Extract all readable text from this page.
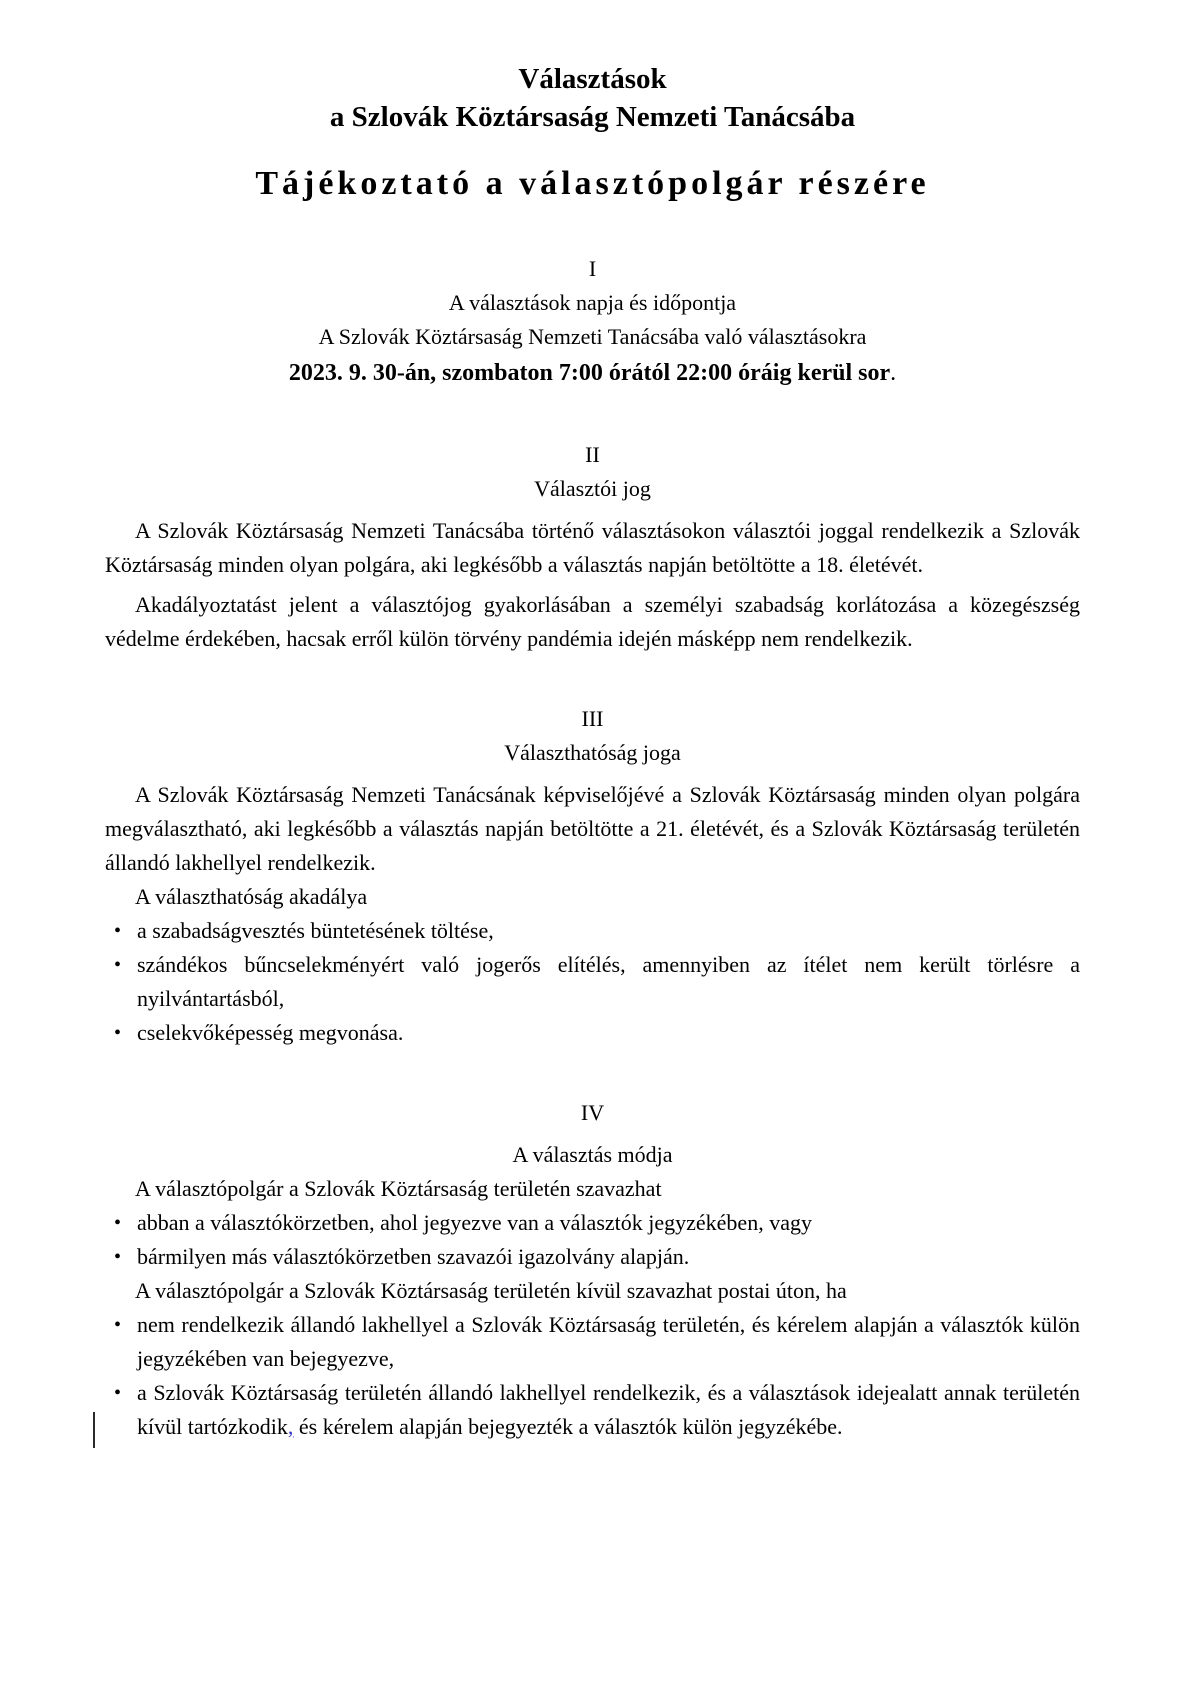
Választások
a Szlovák Köztársaság Nemzeti Tanácsába
Tájékoztató a választópolgár részére
I
A választások napja és időpontja
A Szlovák Köztársaság Nemzeti Tanácsába való választásokra
2023. 9. 30-án, szombaton 7:00 órától 22:00 óráig kerül sor.
II
Választói jog

A Szlovák Köztársaság Nemzeti Tanácsába történő választásokon választói joggal rendelkezik a Szlovák Köztársaság minden olyan polgára, aki legkésőbb a választás napján betöltötte a 18. életévét.

Akadályoztatást jelent a választójog gyakorlásában a személyi szabadság korlátozása a közegészség védelme érdekében, hacsak erről külön törvény pandémia idején másképp nem rendelkezik.

III
Választhatóság joga

A Szlovák Köztársaság Nemzeti Tanácsának képviselőjévé a Szlovák Köztársaság minden olyan polgára megválasztható, aki legkésőbb a választás napján betöltötte a 21. életévét, és a Szlovák Köztársaság területén állandó lakhellyel rendelkezik.

A választhatóság akadálya

• a szabadságvesztés büntetésének töltése,
• szándékos bűncselekményért való jogerős elítélés, amennyiben az ítélet nem került törlésre a nyilvántartásból,
• cselekvőképesség megvonása.
IV
A választás módja

A választópolgár a Szlovák Köztársaság területén szavazhat

• abban a választókörzetben, ahol jegyezve van a választók jegyzékében, vagy
• bármilyen más választókörzetben szavazói igazolvány alapján.

A választópolgár a Szlovák Köztársaság területén kívül szavazhat postai úton, ha

• nem rendelkezik állandó lakhellyel a Szlovák Köztársaság területén, és kérelem alapján a választók külön jegyzékében van bejegyezve,
• a Szlovák Köztársaság területén állandó lakhellyel rendelkezik, és a választások idejealatt annak területén kívül tartózkodik, és kérelem alapján bejegyezték a választók külön jegyzékébe.
